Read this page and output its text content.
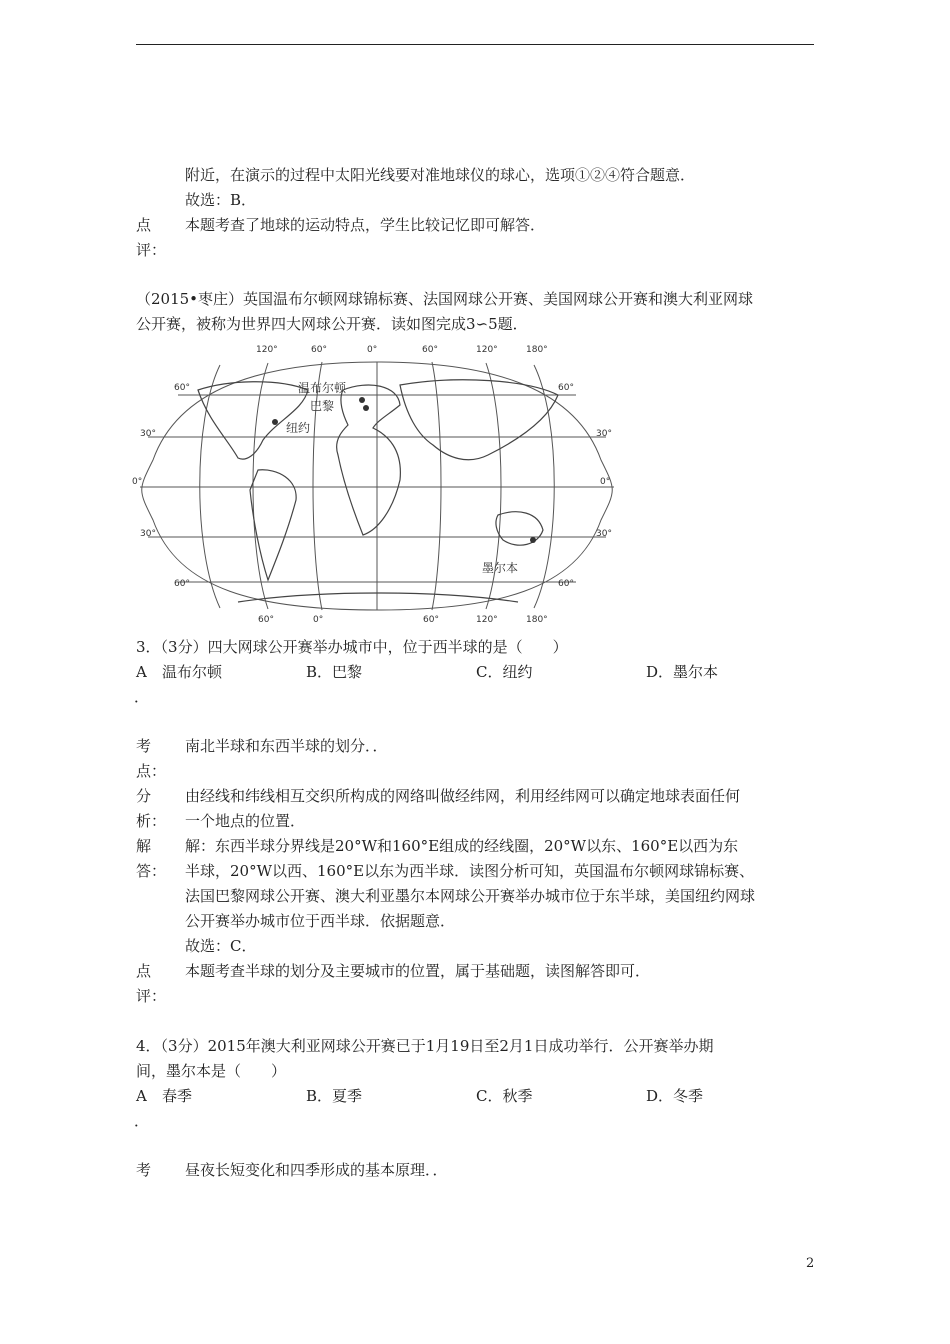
附近，在演示的过程中太阳光线要对准地球仪的球心，选项①②④符合题意．
故选：B．
点
评：
本题考查了地球的运动特点，学生比较记忆即可解答．
（2015•枣庄）英国温布尔顿网球锦标赛、法国网球公开赛、美国网球公开赛和澳大利亚网球
公开赛，被称为世界四大网球公开赛．读如图完成3∽5题．
温布尔顿
巴黎
纽约
墨尔本
120°	60°	0°	60°	120°	180°
60°	0°	60°	120°	180°
60°
30°
0°
30°
60°
60°
30°
0°
30°
60°
3．（3分）四大网球公开赛举办城市中，位于西半球的是（　　）
A 温布尔顿	B．巴黎	C．纽约	D．墨尔本
．
考
点：
南北半球和东西半球的划分．．
分
析：
由经线和纬线相互交织所构成的网络叫做经纬网，利用经纬网可以确定地球表面任何
一个地点的位置．
解
答：
解：东西半球分界线是20°W和160°E组成的经线圈，20°W以东、160°E以西为东
半球，20°W以西、160°E以东为西半球．读图分析可知，英国温布尔顿网球锦标赛、
法国巴黎网球公开赛、澳大利亚墨尔本网球公开赛举办城市位于东半球，美国纽约网球
公开赛举办城市位于西半球．依据题意．
故选：C．
点
评：
本题考查半球的划分及主要城市的位置，属于基础题，读图解答即可．
4．（3分）2015年澳大利亚网球公开赛已于1月19日至2月1日成功举行．公开赛举办期
间，墨尔本是（　　）
A 春季	B．夏季	C．秋季	D．冬季
．
考 昼夜长短变化和四季形成的基本原理．．
2
